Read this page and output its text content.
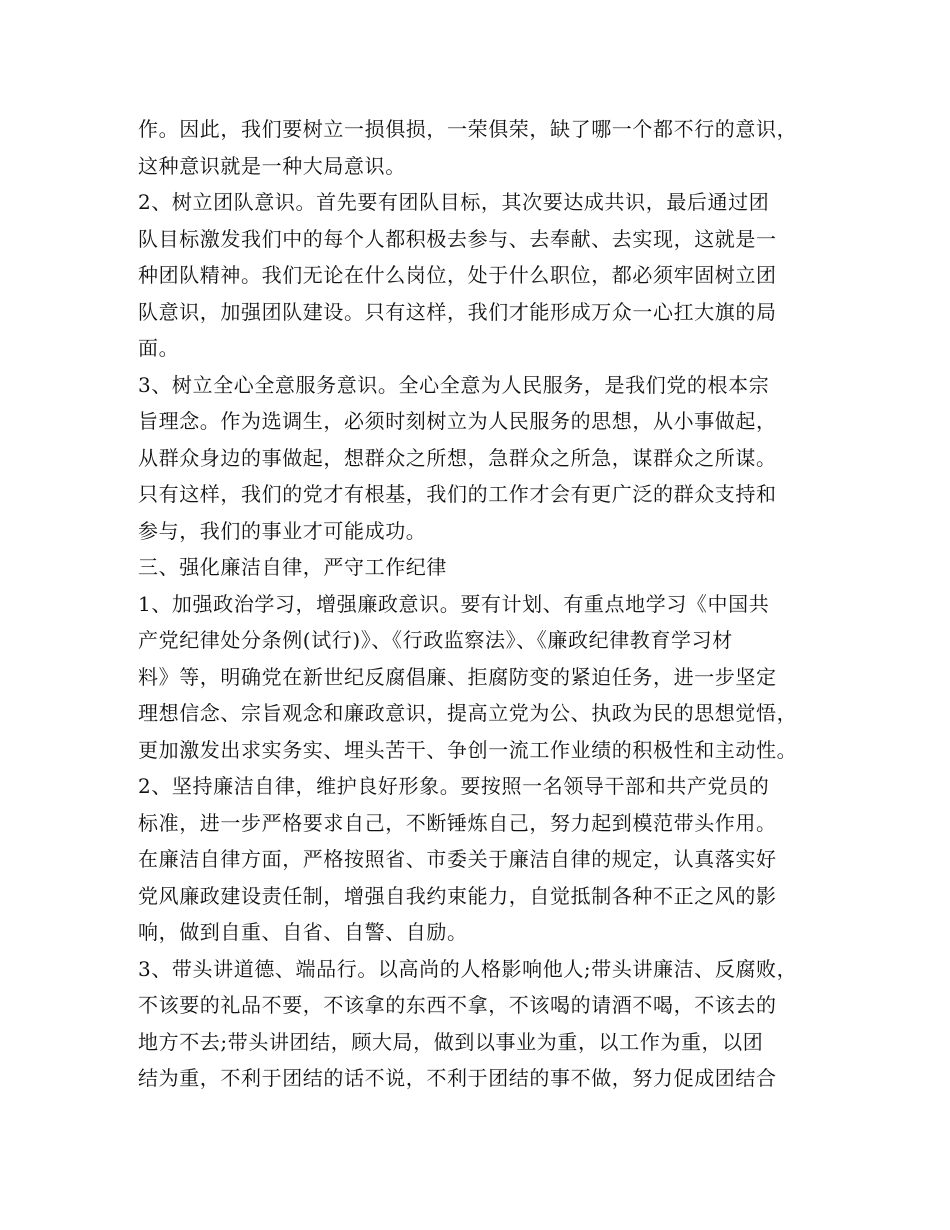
作。因此，我们要树立一损俱损，一荣俱荣，缺了哪一个都不行的意识，
这种意识就是一种大局意识。
2、树立团队意识。首先要有团队目标，其次要达成共识，最后通过团
队目标激发我们中的每个人都积极去参与、去奉献、去实现，这就是一
种团队精神。我们无论在什么岗位，处于什么职位，都必须牢固树立团
队意识，加强团队建设。只有这样，我们才能形成万众一心扛大旗的局
面。
3、树立全心全意服务意识。全心全意为人民服务，是我们党的根本宗
旨理念。作为选调生，必须时刻树立为人民服务的思想，从小事做起，
从群众身边的事做起，想群众之所想，急群众之所急，谋群众之所谋。
只有这样，我们的党才有根基，我们的工作才会有更广泛的群众支持和
参与，我们的事业才可能成功。
三、强化廉洁自律，严守工作纪律
1、加强政治学习，增强廉政意识。要有计划、有重点地学习《中国共
产党纪律处分条例(试行)》、《行政监察法》、《廉政纪律教育学习材
料》等，明确党在新世纪反腐倡廉、拒腐防变的紧迫任务，进一步坚定
理想信念、宗旨观念和廉政意识，提高立党为公、执政为民的思想觉悟，
更加激发出求实务实、埋头苦干、争创一流工作业绩的积极性和主动性。
2、坚持廉洁自律，维护良好形象。要按照一名领导干部和共产党员的
标准，进一步严格要求自己，不断锤炼自己，努力起到模范带头作用。
在廉洁自律方面，严格按照省、市委关于廉洁自律的规定，认真落实好
党风廉政建设责任制，增强自我约束能力，自觉抵制各种不正之风的影
响，做到自重、自省、自警、自励。
3、带头讲道德、端品行。以高尚的人格影响他人;带头讲廉洁、反腐败，
不该要的礼品不要，不该拿的东西不拿，不该喝的请酒不喝，不该去的
地方不去;带头讲团结，顾大局，做到以事业为重，以工作为重，以团
结为重，不利于团结的话不说，不利于团结的事不做，努力促成团结合
